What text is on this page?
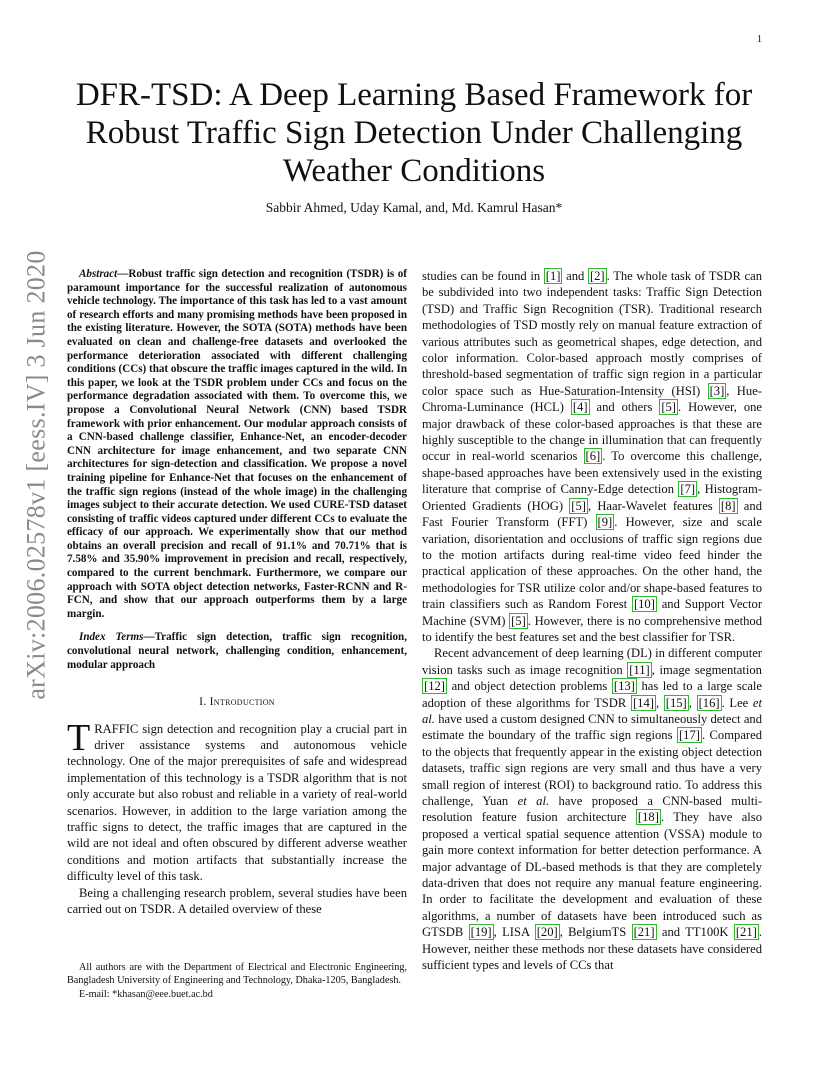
1
arXiv:2006.02578v1 [eess.IV] 3 Jun 2020
DFR-TSD: A Deep Learning Based Framework for
Robust Traffic Sign Detection Under Challenging
Weather Conditions
Sabbir Ahmed, Uday Kamal, and, Md. Kamrul Hasan*

Abstract—Robust traffic sign detection and recognition (TSDR) is of paramount importance for the successful realization of autonomous vehicle technology. The importance of this task has led to a vast amount of research efforts and many promising methods have been proposed in the existing literature. However, the SOTA (SOTA) methods have been evaluated on clean and challenge-free datasets and overlooked the performance deterioration associated with different challenging conditions (CCs) that obscure the traffic images captured in the wild. In this paper, we look at the TSDR problem under CCs and focus on the performance degradation associated with them. To overcome this, we propose a Convolutional Neural Network (CNN) based TSDR framework with prior enhancement. Our modular approach consists of a CNN-based challenge classifier, Enhance-Net, an encoder-decoder CNN architecture for image enhancement, and two separate CNN architectures for sign-detection and classification. We propose a novel training pipeline for Enhance-Net that focuses on the enhancement of the traffic sign regions (instead of the whole image) in the challenging images subject to their accurate detection. We used CURE-TSD dataset consisting of traffic videos captured under different CCs to evaluate the efficacy of our approach. We experimentally show that our method obtains an overall precision and recall of 91.1% and 70.71% that is 7.58% and 35.90% improvement in precision and recall, respectively, compared to the current benchmark. Furthermore, we compare our approach with SOTA object detection networks, Faster-RCNN and R-FCN, and show that our approach outperforms them by a large margin.

Index Terms—Traffic sign detection, traffic sign recognition, convolutional neural network, challenging condition, enhancement, modular approach

I. Introduction

TRAFFIC sign detection and recognition play a crucial part in driver assistance systems and autonomous vehicle technology. One of the major prerequisites of safe and widespread implementation of this technology is a TSDR algorithm that is not only accurate but also robust and reliable in a variety of real-world scenarios. However, in addition to the large variation among the traffic signs to detect, the traffic images that are captured in the wild are not ideal and often obscured by different adverse weather conditions and motion artifacts that substantially increase the difficulty level of this task.

Being a challenging research problem, several studies have been carried out on TSDR. A detailed overview of these

All authors are with the Department of Electrical and Electronic Engineering, Bangladesh University of Engineering and Technology, Dhaka-1205, Bangladesh.

E-mail: *khasan@eee.buet.ac.bd

studies can be found in [1] and [2] . The whole task of TSDR can be subdivided into two independent tasks: Traffic Sign Detection (TSD) and Traffic Sign Recognition (TSR). Traditional research methodologies of TSD mostly rely on manual feature extraction of various attributes such as geometrical shapes, edge detection, and color information. Color-based approach mostly comprises of threshold-based segmentation of traffic sign region in a particular color space such as Hue-Saturation-Intensity (HSI) [3] , Hue-Chroma-Luminance (HCL) [4] and others [5] . However, one major drawback of these color-based approaches is that these are highly susceptible to the change in illumination that can frequently occur in real-world scenarios [6] . To overcome this challenge, shape-based approaches have been extensively used in the existing literature that comprise of Canny-Edge detection [7] , Histogram-Oriented Gradients (HOG) [5] , Haar-Wavelet features [8] and Fast Fourier Transform (FFT) [9] . However, size and scale variation, disorientation and occlusions of traffic sign regions due to the motion artifacts during real-time video feed hinder the practical application of these approaches. On the other hand, the methodologies for TSR utilize color and/or shape-based features to train classifiers such as Random Forest [10] and Support Vector Machine (SVM) [5] . However, there is no comprehensive method to identify the best features set and the best classifier for TSR.

Recent advancement of deep learning (DL) in different computer vision tasks such as image recognition [11] , image segmentation [12] and object detection problems [13] has led to a large scale adoption of these algorithms for TSDR [14] , [15] , [16] . Lee et al. have used a custom designed CNN to simultaneously detect and estimate the boundary of the traffic sign regions [17] . Compared to the objects that frequently appear in the existing object detection datasets, traffic sign regions are very small and thus have a very small region of interest (ROI) to background ratio. To address this challenge, Yuan et al. have proposed a CNN-based multi-resolution feature fusion architecture [18] . They have also proposed a vertical spatial sequence attention (VSSA) module to gain more context information for better detection performance. A major advantage of DL-based methods is that they are completely data-driven that does not require any manual feature engineering. In order to facilitate the development and evaluation of these algorithms, a number of datasets have been introduced such as GTSDB [19] , LISA [20] , BelgiumTS [21] and TT100K [21] . However, neither these methods nor these datasets have considered sufficient types and levels of CCs that
